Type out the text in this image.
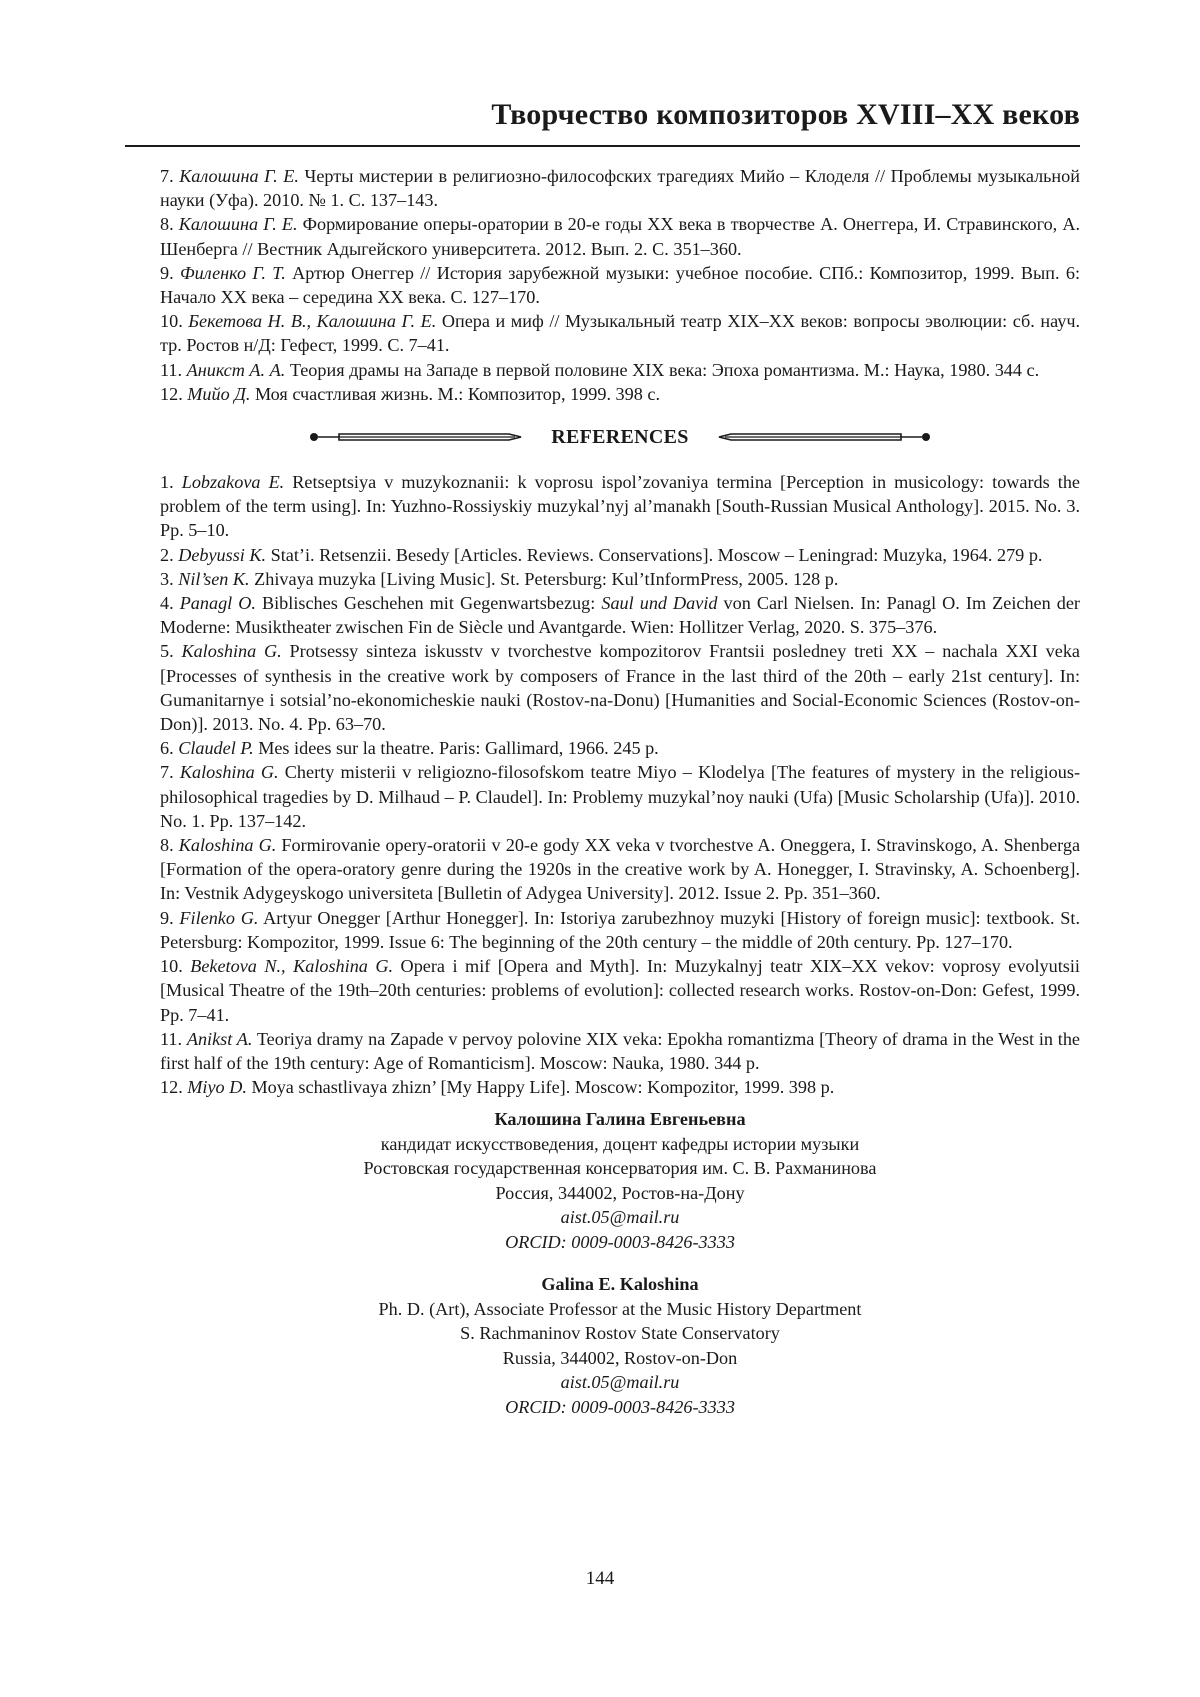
Творчество композиторов XVIII–XX веков

7. Калошина Г. Е. Черты мистерии в религиозно-философских трагедиях Мийо – Клоделя // Проблемы музыкальной науки (Уфа). 2010. № 1. С. 137–143.

8. Калошина Г. Е. Формирование оперы-оратории в 20-е годы XX века в творчестве А. Онеггера, И. Стравинского, А. Шенберга // Вестник Адыгейского университета. 2012. Вып. 2. С. 351–360.

9. Филенко Г. Т. Артюр Онеггер // История зарубежной музыки: учебное пособие. СПб.: Композитор, 1999. Вып. 6: Начало XX века – середина XX века. С. 127–170.

10. Бекетова Н. В., Калошина Г. Е. Опера и миф // Музыкальный театр XIX–XX веков: вопросы эволюции: сб. науч. тр. Ростов н/Д: Гефест, 1999. С. 7–41.

11. Аникст А. А. Теория драмы на Западе в первой половине XIX века: Эпоха романтизма. М.: Наука, 1980. 344 с.

12. Мийо Д. Моя счастливая жизнь. М.: Композитор, 1999. 398 с.

REFERENCES

1. Lobzakova E. Retseptsiya v muzykoznanii: k voprosu ispol’zovaniya termina [Perception in musicology: towards the problem of the term using]. In: Yuzhno-Rossiyskiy muzykal’nyj al’manakh [South-Russian Musical Anthology]. 2015. No. 3. Pp. 5–10.

2. Debyussi K. Stat’i. Retsenzii. Besedy [Articles. Reviews. Conservations]. Moscow – Leningrad: Muzyka, 1964. 279 p.

3. Nil’sen K. Zhivaya muzyka [Living Music]. St. Petersburg: Kul’tInformPress, 2005. 128 p.

4. Panagl O. Biblisches Geschehen mit Gegenwartsbezug: Saul und David von Carl Nielsen. In: Panagl O. Im Zeichen der Moderne: Musiktheater zwischen Fin de Siècle und Avantgarde. Wien: Hollitzer Verlag, 2020. S. 375–376.

5. Kaloshina G. Protsessy sinteza iskusstv v tvorchestve kompozitorov Frantsii posledney treti XX – nachala XXI veka [Processes of synthesis in the creative work by composers of France in the last third of the 20th – early 21st century]. In: Gumanitarnye i sotsial’no-ekonomicheskie nauki (Rostov-na-Donu) [Humanities and Social-Economic Sciences (Rostov-on-Don)]. 2013. No. 4. Pp. 63–70.

6. Claudel P. Mes idees sur la theatre. Paris: Gallimard, 1966. 245 p.

7. Kaloshina G. Cherty misterii v religiozno-filosofskom teatre Miyo – Klodelya [The features of mystery in the religious-philosophical tragedies by D. Milhaud – P. Claudel]. In: Problemy muzykal’noy nauki (Ufa) [Music Scholarship (Ufa)]. 2010. No. 1. Pp. 137–142.

8. Kaloshina G. Formirovanie opery-oratorii v 20-e gody XX veka v tvorchestve A. Oneggera, I. Stravinskogo, A. Shenberga [Formation of the opera-oratory genre during the 1920s in the creative work by A. Honegger, I. Stravinsky, A. Schoenberg]. In: Vestnik Adygeyskogo universiteta [Bulletin of Adygea University]. 2012. Issue 2. Pp. 351–360.

9. Filenko G. Artyur Onegger [Arthur Honegger]. In: Istoriya zarubezhnoy muzyki [History of foreign music]: textbook. St. Petersburg: Kompozitor, 1999. Issue 6: The beginning of the 20th century – the middle of 20th century. Pp. 127–170.

10. Beketova N., Kaloshina G. Opera i mif [Opera and Myth]. In: Muzykalnyj teatr XIX–XX vekov: voprosy evolyutsii [Musical Theatre of the 19th–20th centuries: problems of evolution]: collected research works. Rostov-on-Don: Gefest, 1999. Pp. 7–41.

11. Anikst A. Teoriya dramy na Zapade v pervoy polovine XIX veka: Epokha romantizma [Theory of drama in the West in the first half of the 19th century: Age of Romanticism]. Moscow: Nauka, 1980. 344 p.

12. Miyo D. Moya schastlivaya zhizn’ [My Happy Life]. Moscow: Kompozitor, 1999. 398 p.

Калошина Галина Евгеньевна
кандидат искусствоведения, доцент кафедры истории музыки
Ростовская государственная консерватория им. С. В. Рахманинова
Россия, 344002, Ростов-на-Дону
aist.05@mail.ru
ORCID: 0009-0003-8426-3333
Galina E. Kaloshina
Ph. D. (Art), Associate Professor at the Music History Department
S. Rachmaninov Rostov State Conservatory
Russia, 344002, Rostov-on-Don
aist.05@mail.ru
ORCID: 0009-0003-8426-3333
144
